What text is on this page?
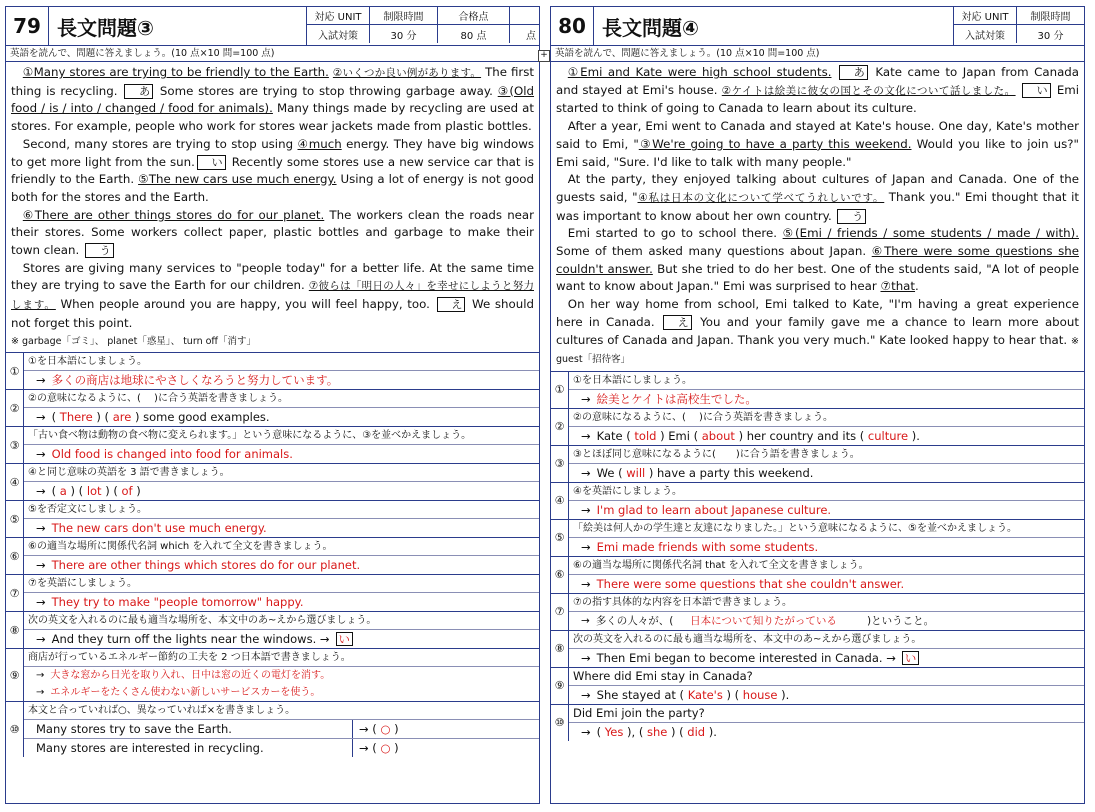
79 長文問題③	対応 UNIT	制限時間	合格点
入試対策	30 分	80 点	点
英語を読んで、問題に答えましょう。(10 点×10 問=100 点)

①Many stores are trying to be friendly to the Earth. ②いくつか良い例があります。 The first thing is recycling. あ Some stores are trying to stop throwing garbage away. ③(Old food / is / into / changed / food for animals). Many things made by recycling are used at stores. For example, people who work for stores wear jackets made from plastic bottles.

Second, many stores are trying to stop using ④much energy. They have big windows to get more light from the sun. い Recently some stores use a new service car that is friendly to the Earth. ⑤The new cars use much energy. Using a lot of energy is not good both for the stores and the Earth.

⑥There are other things stores do for our planet. The workers clean the roads near their stores. Some workers collect paper, plastic bottles and garbage to make their town clean. う

Stores are giving many services to "people today" for a better life. At the same time they are trying to save the Earth for our children. ⑦彼らは「明日の人々」を幸せにしようと努力します。 When people around you are happy, you will feel happy, too. え We should not forget this point.

※ garbage「ゴミ」、 planet「惑星」、 turn off「消す」
①
①を日本語にしましょう。
→ 多くの商店は地球にやさしくなろうと努力しています。
②
②の意味になるように、(　 )に合う英語を書きましょう。
→ ( There ) ( are ) some good examples.
③
「古い食べ物は動物の食べ物に変えられます。」という意味になるように、③を並べかえましょう。
→ Old food is changed into food for animals.
④
④と同じ意味の英語を 3 語で書きましょう。
→ ( a ) ( lot ) ( of )
⑤
⑤を否定文にしましょう。
→ The new cars don't use much energy.
⑥
⑥の適当な場所に関係代名詞 which を入れて全文を書きましょう。
→ There are other things which stores do for our planet.
⑦
⑦を英語にしましょう。
→ They try to make "people tomorrow" happy.
⑧
次の英文を入れるのに最も適当な場所を、本文中のあ~えから選びましょう。
→ And they turn off the lights near the windows. → い
⑨
商店が行っているエネルギー節約の工夫を 2 つ日本語で書きましょう。
→ 大きな窓から日光を取り入れ、日中は窓の近くの電灯を消す。
→ エネルギーをたくさん使わない新しいサービスカーを使う。
⑩
本文と合っていれば○、異なっていれば×を書きましょう。
Many stores try to save the Earth.	→ ( ○ )
Many stores are interested in recycling.	→ ( ○ )
+
80 長文問題④	対応 UNIT	制限時間
入試対策	30 分
英語を読んで、問題に答えましょう。(10 点×10 問=100 点)

①Emi and Kate were high school students. あ Kate came to Japan from Canada and stayed at Emi's house. ②ケイトは絵美に彼女の国とその文化について話しました。 い Emi started to think of going to Canada to learn about its culture.

After a year, Emi went to Canada and stayed at Kate's house. One day, Kate's mother said to Emi, "③We're going to have a party this weekend. Would you like to join us?" Emi said, "Sure. I'd like to talk with many people."

At the party, they enjoyed talking about cultures of Japan and Canada. One of the guests said, "④私は日本の文化について学べてうれしいです。 Thank you." Emi thought that it was important to know about her own country. う

Emi started to go to school there. ⑤(Emi / friends / some students / made / with). Some of them asked many questions about Japan. ⑥There were some questions she couldn't answer. But she tried to do her best. One of the students said, "A lot of people want to know about Japan." Emi was surprised to hear ⑦that.

On her way home from school, Emi talked to Kate, "I'm having a great experience here in Canada. え You and your family gave me a chance to learn more about cultures of Canada and Japan. Thank you very much." Kate looked happy to hear that. ※ guest「招待客」

①
①を日本語にしましょう。
→ 絵美とケイトは高校生でした。
②
②の意味になるように、(　 )に合う英語を書きましょう。
→ Kate ( told ) Emi ( about ) her country and its ( culture ).
③
③とほぼ同じ意味になるように(　　)に合う語を書きましょう。
→ We ( will ) have a party this weekend.
④
④を英語にしましょう。
→ I'm glad to learn about Japanese culture.
⑤
「絵美は何人かの学生達と友達になりました。」という意味になるように、⑤を並べかえましょう。
→ Emi made friends with some students.
⑥
⑥の適当な場所に関係代名詞 that を入れて全文を書きましょう。
→ There were some questions that she couldn't answer.
⑦
⑦の指す具体的な内容を日本語で書きましょう。
→ 多くの人々が、( 日本について知りたがっている	)ということ。
⑧
次の英文を入れるのに最も適当な場所を、本文中のあ~えから選びましょう。
→ Then Emi began to become interested in Canada. → い
⑨
Where did Emi stay in Canada?
→ She stayed at ( Kate's ) ( house ).
⑩
Did Emi join the party?
→ ( Yes ), ( she ) ( did ).
